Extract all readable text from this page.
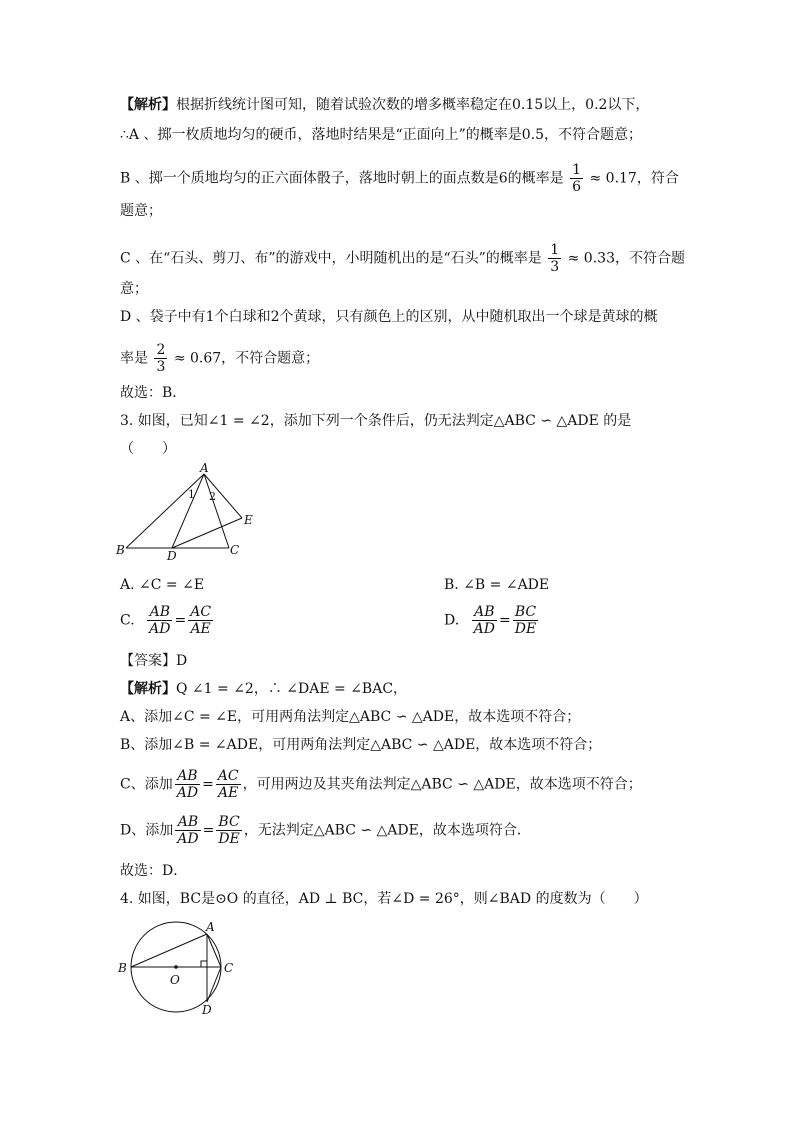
【解析】根据折线统计图可知，随着试验次数的增多概率稳定在0.15以上，0.2以下，
∴A 、掷一枚质地均匀的硬币，落地时结果是“正面向上”的概率是0.5，不符合题意；
B 、掷一个质地均匀的正六面体骰子，落地时朝上的面点数是6的概率是 $\frac{1}{6} \approx 0.17$，符合
题意；
C 、在“石头、剪刀、布”的游戏中，小明随机出的是“石头”的概率是 $\frac{1}{3} \approx 0.33$，不符合题
意；
D 、袋子中有1个白球和2个黄球，只有颜色上的区别，从中随机取出一个球是黄球的概
率是 $\frac{2}{3} \approx 0.67$，不符合题意；
故选：B．
3. 如图，已知∠1 = ∠2，添加下列一个条件后，仍无法判定△ABC ∽ △ADE 的是
（　　）
A
B	C
D
E
1 2
A. ∠C = ∠E	B. ∠B = ∠ADE
C. $\frac{AB}{AD} = \frac{AC}{AE}$	D. $\frac{AB}{AD} = \frac{BC}{DE}$
【答案】D
【解析】Q ∠1 = ∠2，∴ ∠DAE = ∠BAC，
A、添加∠C = ∠E，可用两角法判定△ABC ∽ △ADE，故本选项不符合；
B、添加∠B = ∠ADE，可用两角法判定△ABC ∽ △ADE，故本选项不符合；
C、添加 $\frac{AB}{AD} = \frac{AC}{AE}$ ，可用两边及其夹角法判定△ABC ∽ △ADE，故本选项不符合；
D、添加 $\frac{AB}{AD} = \frac{BC}{DE}$ ，无法判定△ABC ∽ △ADE，故本选项符合．
故选：D．
4. 如图，BC是⊙O 的直径，AD ⊥ BC，若∠D = 26°，则∠BAD 的度数为（　　）
A
B	C
D
O
